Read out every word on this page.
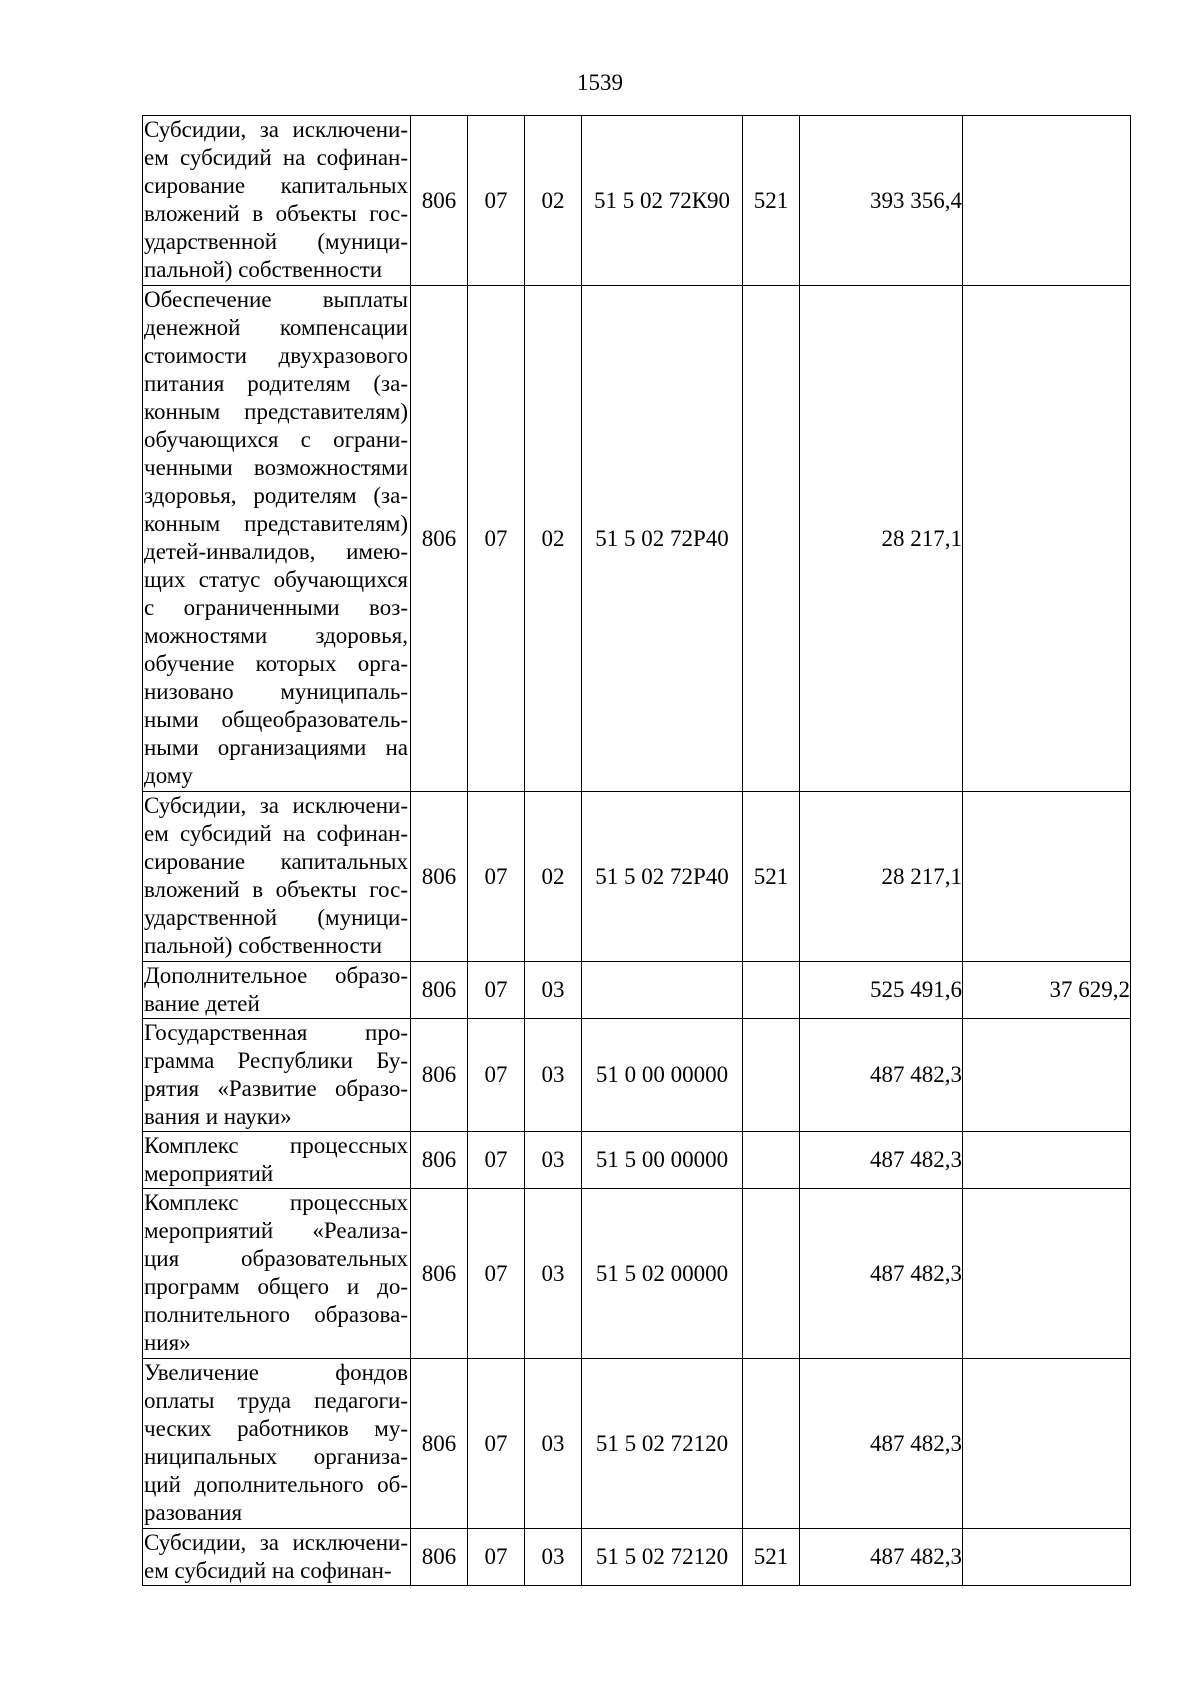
1539
Субсидии, за исключени-ем субсидий на софинан-сирование капитальных вложений в объекты гос-ударственной (муници-пальной) собственности	806	07	02	51 5 02 72К90	521	393 356,4	
Обеспечение выплаты денежной компенсации стоимости двухразового питания родителям (за-конным представителям) обучающихся с ограни-ченными возможностями здоровья, родителям (за-конным представителям) детей-инвалидов, имею-щих статус обучающихся с ограниченными воз-можностями здоровья, обучение которых орга-низовано муниципаль-ными общеобразователь-ными организациями на дому	806	07	02	51 5 02 72Р40		28 217,1	
Субсидии, за исключени-ем субсидий на софинан-сирование капитальных вложений в объекты гос-ударственной (муници-пальной) собственности	806	07	02	51 5 02 72Р40	521	28 217,1	
Дополнительное образо-вание детей	806	07	03			525 491,6	37 629,2
Государственная про-грамма Республики Бу-рятия «Развитие образо-вания и науки»	806	07	03	51 0 00 00000		487 482,3	
Комплекс процессных мероприятий	806	07	03	51 5 00 00000		487 482,3	
Комплекс процессных мероприятий «Реализа-ция образовательных программ общего и до-полнительного образова-ния»	806	07	03	51 5 02 00000		487 482,3	
Увеличение фондов оплаты труда педагоги-ческих работников му-ниципальных организа-ций дополнительного об-разования	806	07	03	51 5 02 72120		487 482,3	
Субсидии, за исключени-ем субсидий на софинан-	806	07	03	51 5 02 72120	521	487 482,3	
